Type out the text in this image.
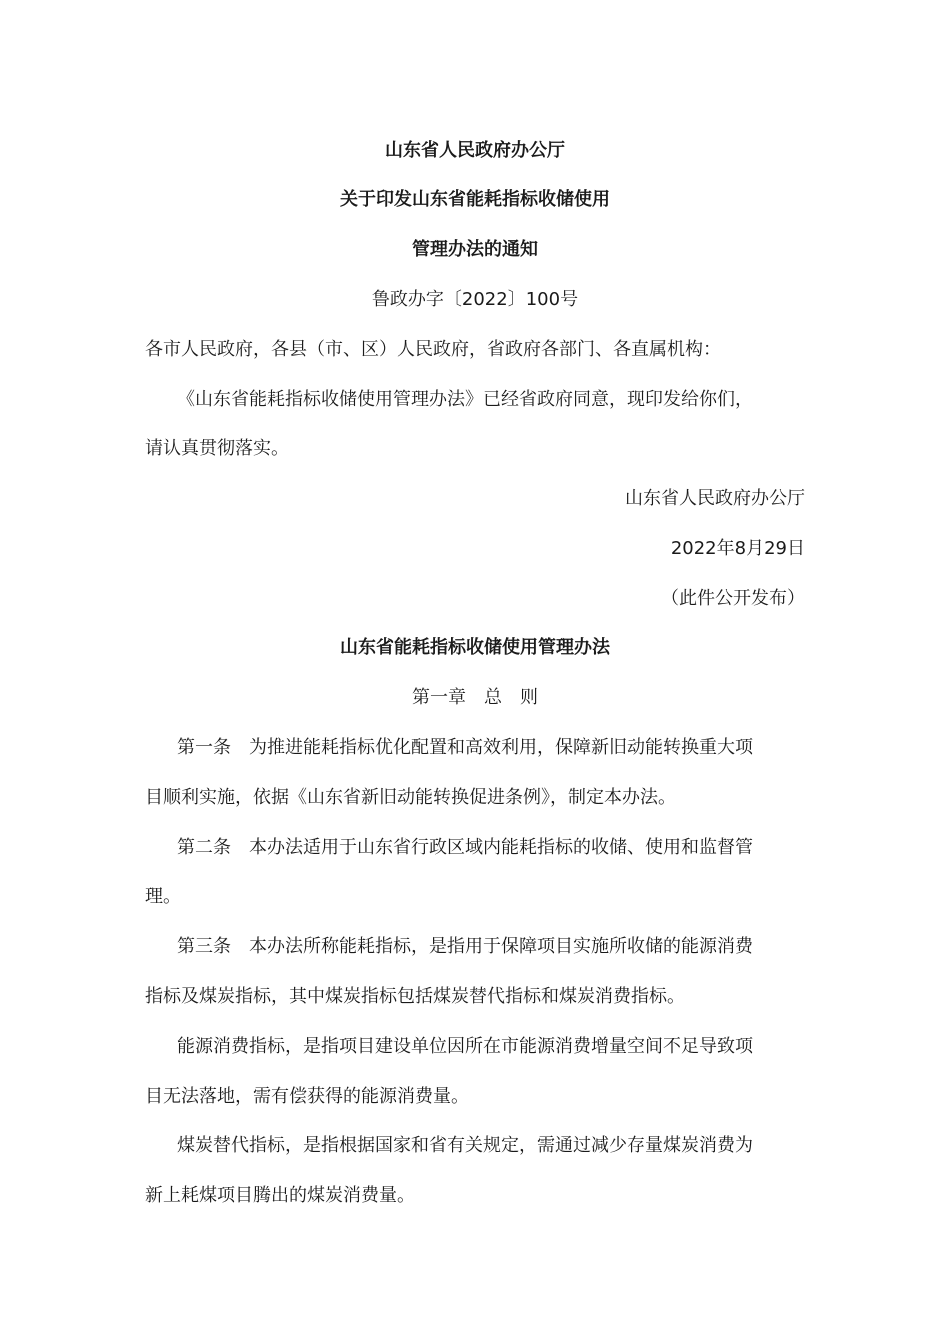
山东省人民政府办公厅
关于印发山东省能耗指标收储使用
管理办法的通知
鲁政办字〔2022〕100号
各市人民政府，各县（市、区）人民政府，省政府各部门、各直属机构：
《山东省能耗指标收储使用管理办法》已经省政府同意，现印发给你们，
请认真贯彻落实。
山东省人民政府办公厅
2022年8月29日
（此件公开发布）
山东省能耗指标收储使用管理办法
第一章　总　则
第一条　为推进能耗指标优化配置和高效利用，保障新旧动能转换重大项
目顺利实施，依据《山东省新旧动能转换促进条例》，制定本办法。
第二条　本办法适用于山东省行政区域内能耗指标的收储、使用和监督管
理。
第三条　本办法所称能耗指标，是指用于保障项目实施所收储的能源消费
指标及煤炭指标，其中煤炭指标包括煤炭替代指标和煤炭消费指标。
能源消费指标，是指项目建设单位因所在市能源消费增量空间不足导致项
目无法落地，需有偿获得的能源消费量。
煤炭替代指标，是指根据国家和省有关规定，需通过减少存量煤炭消费为
新上耗煤项目腾出的煤炭消费量。
